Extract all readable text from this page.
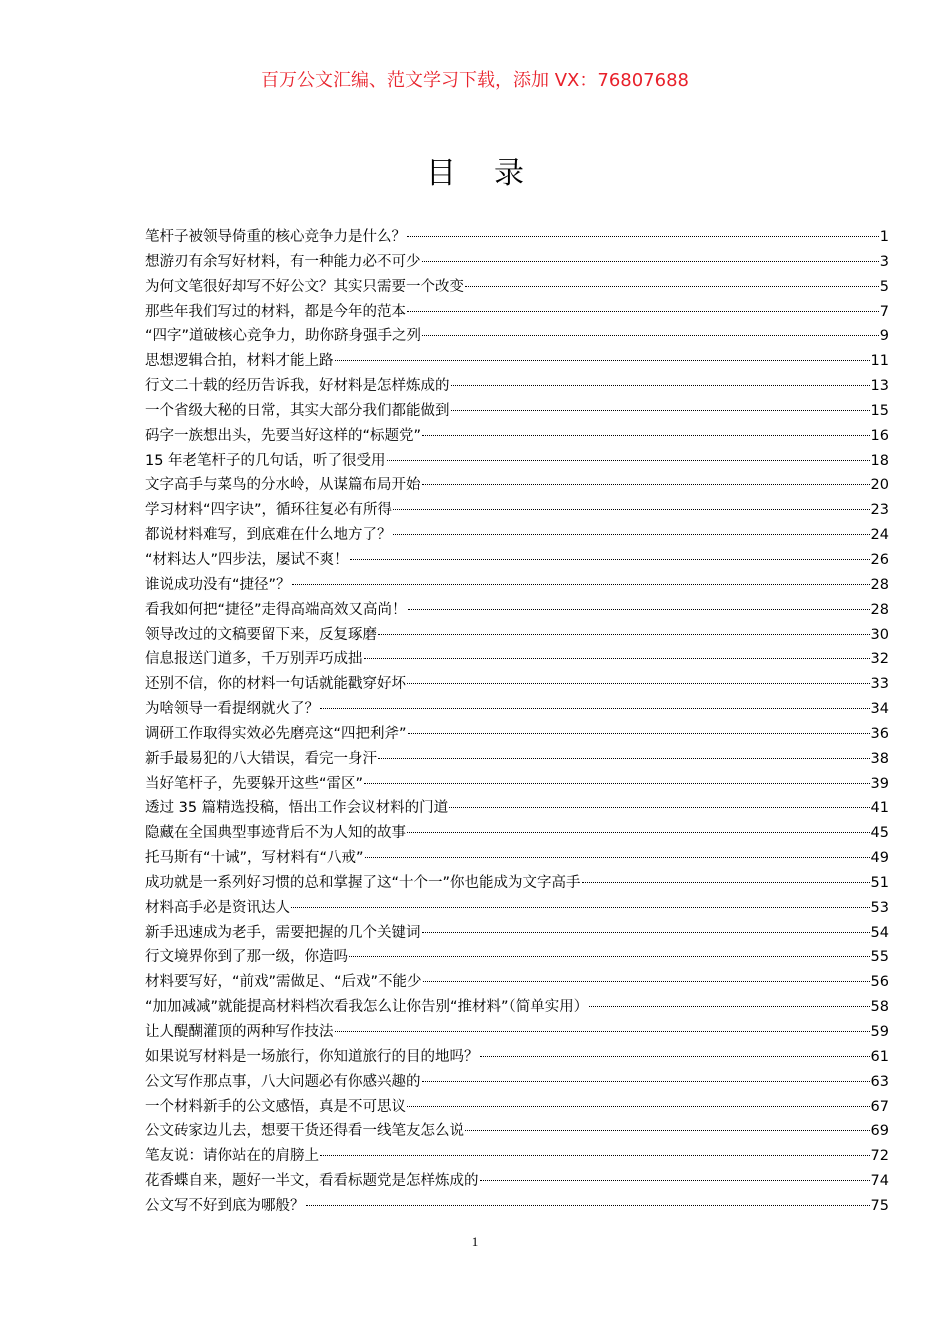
百万公文汇编、范文学习下载，添加 VX：76807688
目录
笔杆子被领导倚重的核心竞争力是什么？	1
想游刃有余写好材料，有一种能力必不可少	3
为何文笔很好却写不好公文？其实只需要一个改变	5
那些年我们写过的材料，都是今年的范本	7
“四字”道破核心竞争力，助你跻身强手之列	9
思想逻辑合拍，材料才能上路	11
行文二十载的经历告诉我，好材料是怎样炼成的	13
一个省级大秘的日常，其实大部分我们都能做到	15
码字一族想出头，先要当好这样的“标题党”	16
15 年老笔杆子的几句话，听了很受用	18
文字高手与菜鸟的分水岭，从谋篇布局开始	20
学习材料“四字诀”，循环往复必有所得	23
都说材料难写，到底难在什么地方了？	24
“材料达人”四步法，屡试不爽！	26
谁说成功没有“捷径”？	28
看我如何把“捷径”走得高端高效又高尚！	28
领导改过的文稿要留下来，反复琢磨	30
信息报送门道多，千万别弄巧成拙	32
还别不信，你的材料一句话就能戳穿好坏	33
为啥领导一看提纲就火了？	34
调研工作取得实效必先磨亮这“四把利斧”	36
新手最易犯的八大错误，看完一身汗	38
当好笔杆子，先要躲开这些“雷区”	39
透过 35 篇精选投稿，悟出工作会议材料的门道	41
隐藏在全国典型事迹背后不为人知的故事	45
托马斯有“十诫”，写材料有“八戒”	49
成功就是一系列好习惯的总和掌握了这“十个一”你也能成为文字高手	51
材料高手必是资讯达人	53
新手迅速成为老手，需要把握的几个关键词	54
行文境界你到了那一级，你造吗	55
材料要写好，“前戏”需做足、“后戏”不能少	56
“加加减减”就能提高材料档次看我怎么让你告别“推材料”（简单实用）	58
让人醍醐灌顶的两种写作技法	59
如果说写材料是一场旅行，你知道旅行的目的地吗？	61
公文写作那点事，八大问题必有你感兴趣的	63
一个材料新手的公文感悟，真是不可思议	67
公文砖家边儿去，想要干货还得看一线笔友怎么说	69
笔友说：请你站在的肩膀上	72
花香蝶自来，题好一半文，看看标题党是怎样炼成的	74
公文写不好到底为哪般？	75
1
